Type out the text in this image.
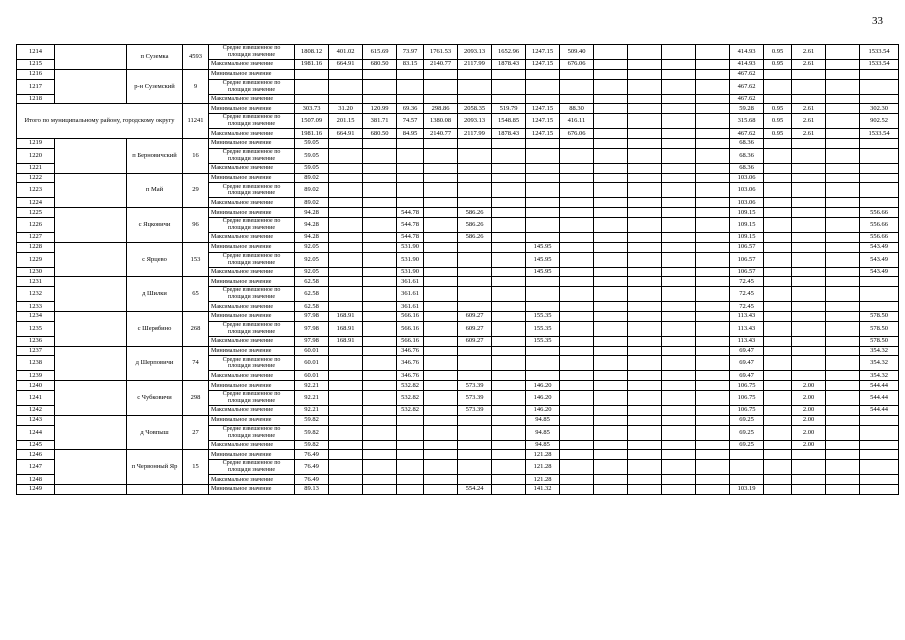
33
1214		п Суземка	4593	Средне взвешенное по площади значение	1808.12	401.02	615.69	73.97	1761.53	2093.13	1652.96	1247.15	509.40					414.93	0.95	2.61		1533.54
1215				Максимальное значение	1981.16	664.91	680.50	83.15	2140.77	2117.99	1878.43	1247.15	676.06					414.93	0.95	2.61		1533.54
1216		р-н Суземский	9	Минимальное значение														467.62				
1217				Средне взвешенное по площади значение														467.62				
1218				Максимальное значение														467.62				
Итого по муниципальному району, городскому округу			11241	Минимальное значение	303.73	31.20	120.99	69.36	298.86	2058.35	519.79	1247.15	88.30					59.28	0.95	2.61		302.30
				Средне взвешенное по площади значение	1507.09	201.15	381.71	74.57	1380.08	2093.13	1548.85	1247.15	416.11					315.68	0.95	2.61		902.52
				Максимальное значение	1981.16	664.91	680.50	84.95	2140.77	2117.99	1878.43	1247.15	676.06					467.62	0.95	2.61		1533.54
1219		п Берновичский	16	Минимальное значение	59.05													68.36				
1220				Средне взвешенное по площади значение	59.05													68.36				
1221				Максимальное значение	59.05													68.36				
1222		п Май	29	Минимальное значение	89.02													103.06				
1223				Средне взвешенное по площади значение	89.02													103.06				
1224				Максимальное значение	89.02													103.06				
1225		с Яцковичи	96	Минимальное значение	94.28			544.78		586.26								109.15				556.66
1226				Средне взвешенное по площади значение	94.28			544.78		586.26								109.15				556.66
1227				Максимальное значение	94.28			544.78		586.26								109.15				556.66
1228		с Ярцево	153	Минимальное значение	92.05			531.90				145.95						106.57				543.49
1229				Средне взвешенное по площади значение	92.05			531.90				145.95						106.57				543.49
1230				Максимальное значение	92.05			531.90				145.95						106.57				543.49
1231		д Шилки	65	Минимальное значение	62.58			361.61										72.45				
1232				Средне взвешенное по площади значение	62.58			361.61										72.45				
1233				Максимальное значение	62.58			361.61										72.45				
1234		с Шерябино	268	Минимальное значение	97.98	168.91		566.16		609.27		155.35						113.43				578.50
1235				Средне взвешенное по площади значение	97.98	168.91		566.16		609.27		155.35						113.43				578.50
1236				Максимальное значение	97.98	168.91		566.16		609.27		155.35						113.43				578.50
1237		д Шерповичи	74	Минимальное значение	60.01			346.76										69.47				354.32
1238				Средне взвешенное по площади значение	60.01			346.76										69.47				354.32
1239				Максимальное значение	60.01			346.76										69.47				354.32
1240		с Чубковичи	298	Минимальное значение	92.21			532.82		573.39		146.20						106.75		2.00		544.44
1241				Средне взвешенное по площади значение	92.21			532.82		573.39		146.20						106.75		2.00		544.44
1242				Максимальное значение	92.21			532.82		573.39		146.20						106.75		2.00		544.44
1243		д Човпыш	27	Минимальное значение	59.82							94.85						69.25		2.00		
1244				Средне взвешенное по площади значение	59.82							94.85						69.25		2.00		
1245				Максимальное значение	59.82							94.85						69.25		2.00		
1246		п Червонный Яр	15	Минимальное значение	76.49							121.28										
1247				Средне взвешенное по площади значение	76.49							121.28										
1248				Максимальное значение	76.49							121.28										
1249				Минимальное значение	89.13					554.24		141.32						103.19				
